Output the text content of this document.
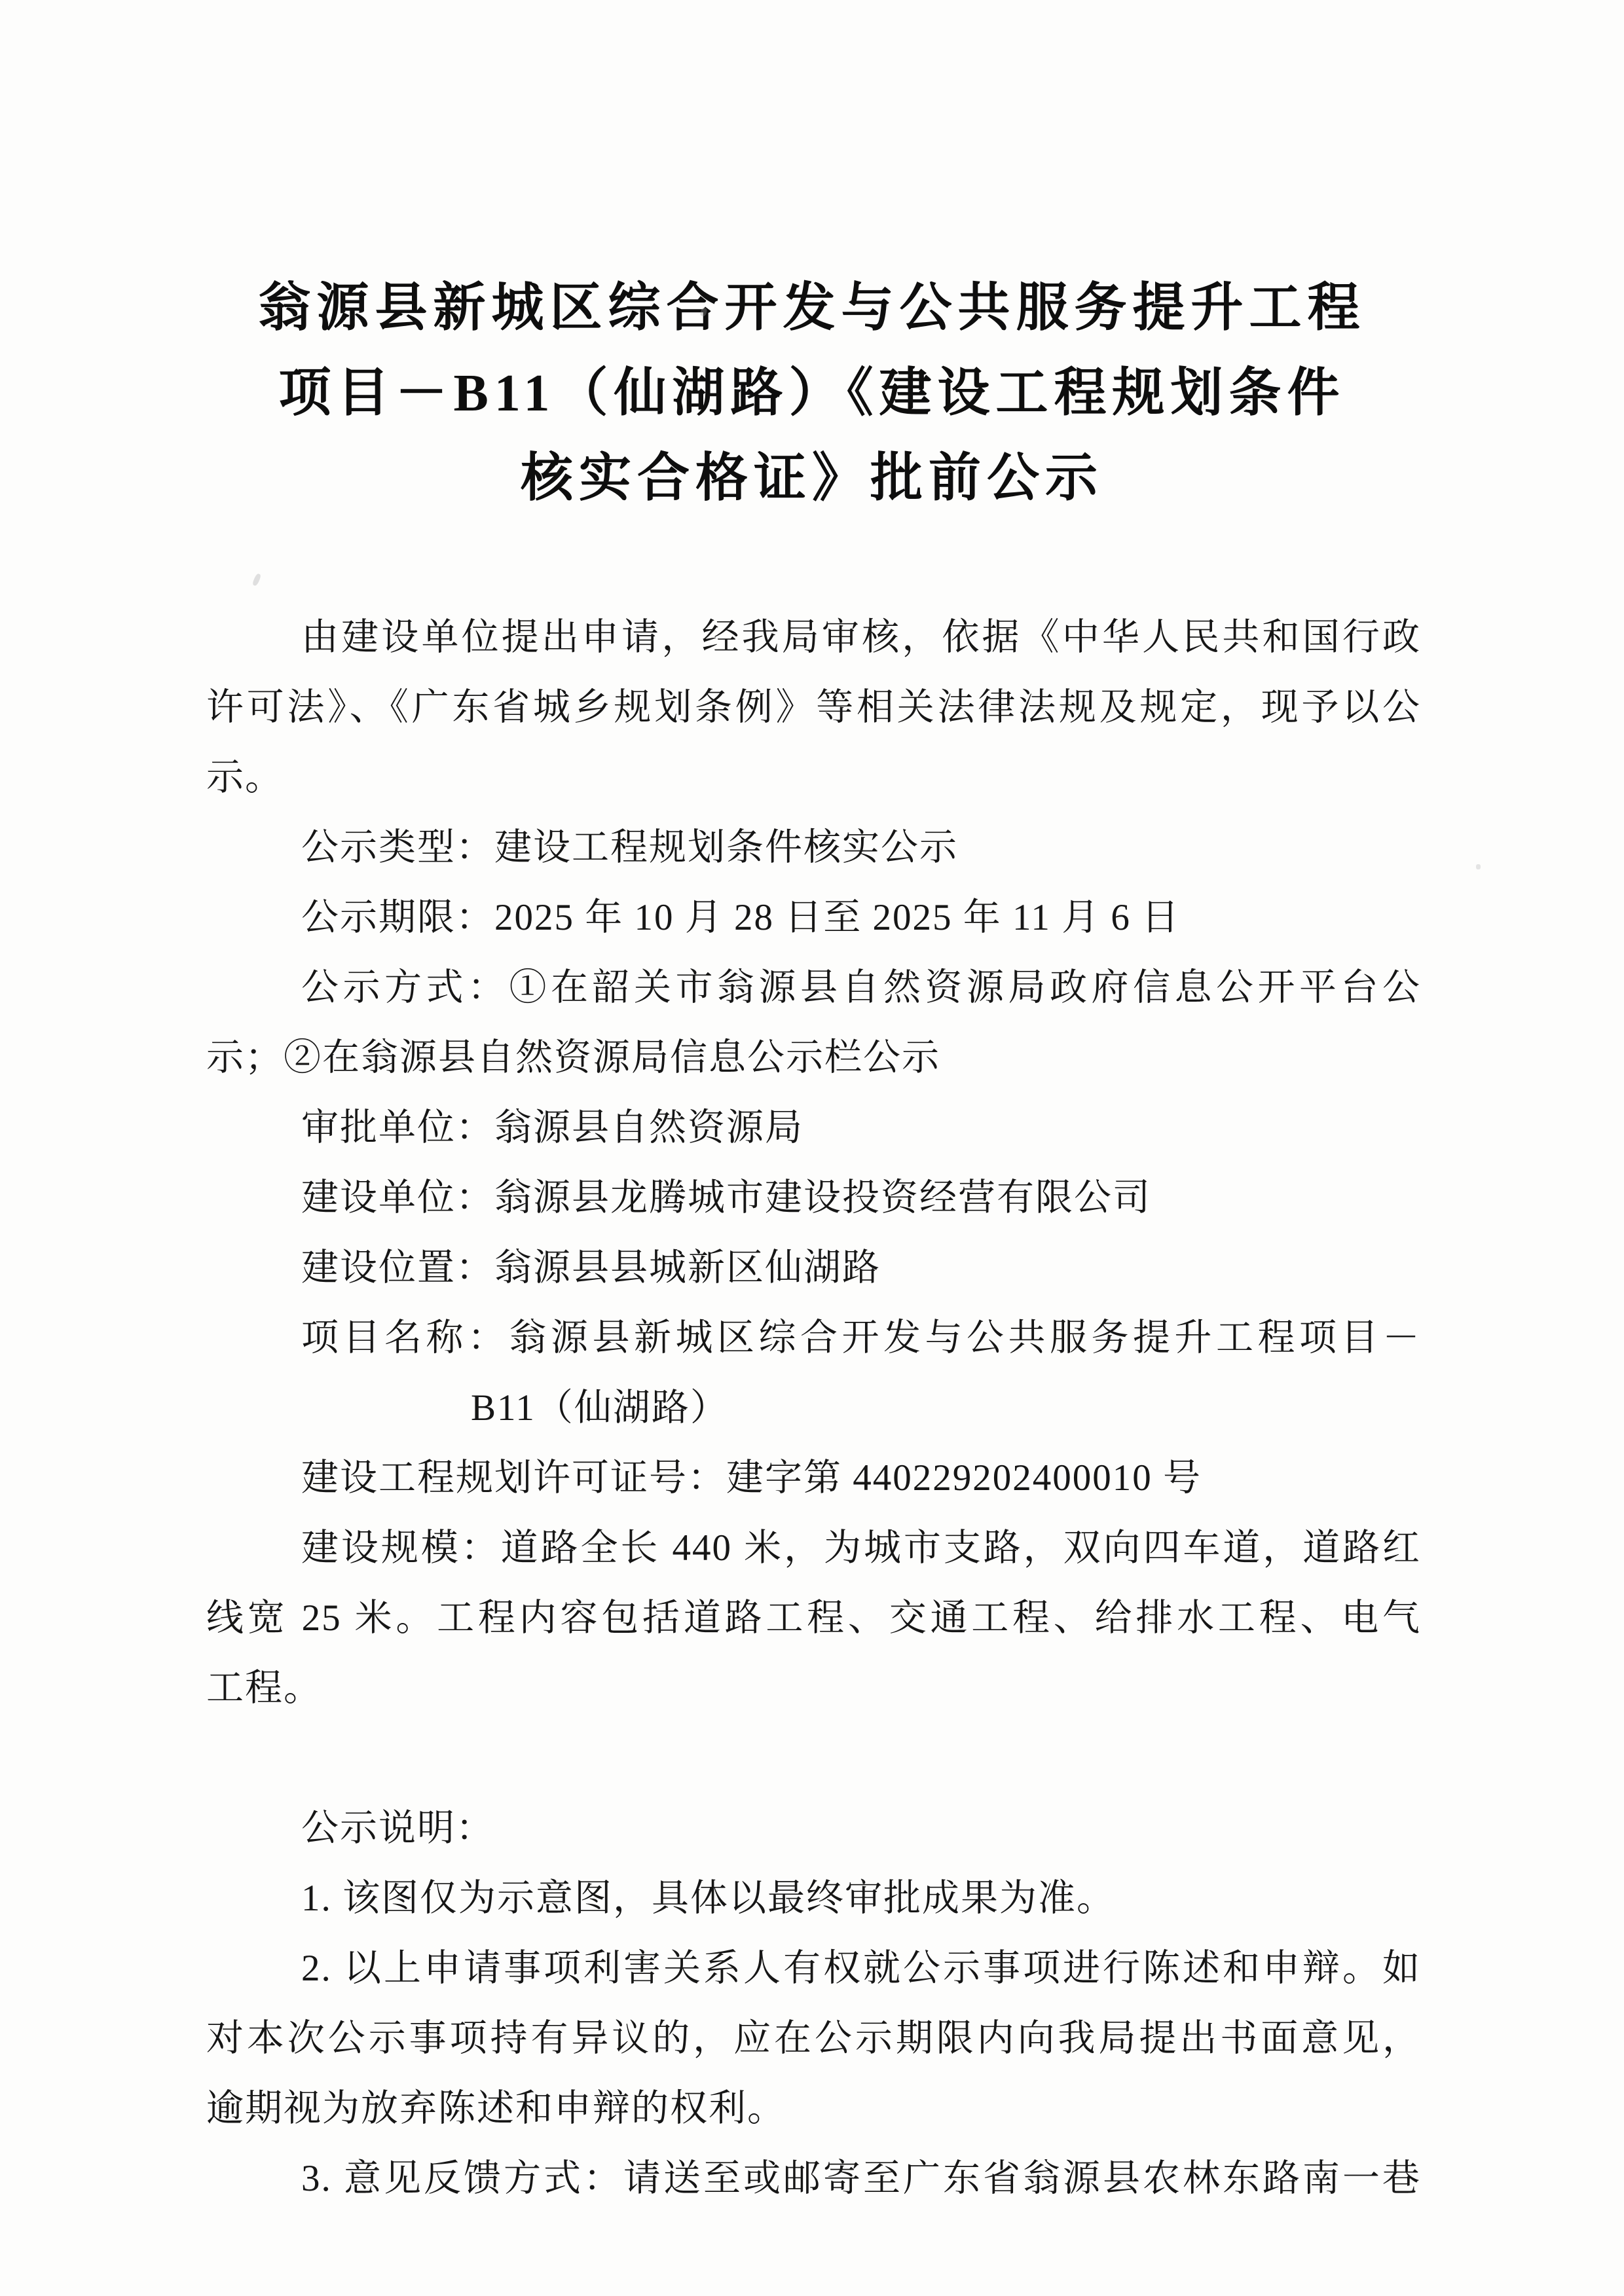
翁源县新城区综合开发与公共服务提升工程
项目－B11（仙湖路）《建设工程规划条件
核实合格证》批前公示
由建设单位提出申请，经我局审核，依据《中华人民共和国行政
许可法》、《广东省城乡规划条例》等相关法律法规及规定，现予以公
示。
公示类型：建设工程规划条件核实公示
公示期限：2025 年 10 月 28 日至 2025 年 11 月 6 日
公示方式：①在韶关市翁源县自然资源局政府信息公开平台公
示；②在翁源县自然资源局信息公示栏公示
审批单位：翁源县自然资源局
建设单位：翁源县龙腾城市建设投资经营有限公司
建设位置：翁源县县城新区仙湖路
项目名称：翁源县新城区综合开发与公共服务提升工程项目－
B11（仙湖路）
建设工程规划许可证号：建字第 440229202400010 号
建设规模：道路全长 440 米，为城市支路，双向四车道，道路红
线宽 25 米。工程内容包括道路工程、交通工程、给排水工程、电气
工程。
公示说明：
1. 该图仅为示意图，具体以最终审批成果为准。
2. 以上申请事项利害关系人有权就公示事项进行陈述和申辩。如
对本次公示事项持有异议的，应在公示期限内向我局提出书面意见，
逾期视为放弃陈述和申辩的权利。
3. 意见反馈方式：请送至或邮寄至广东省翁源县农林东路南一巷
